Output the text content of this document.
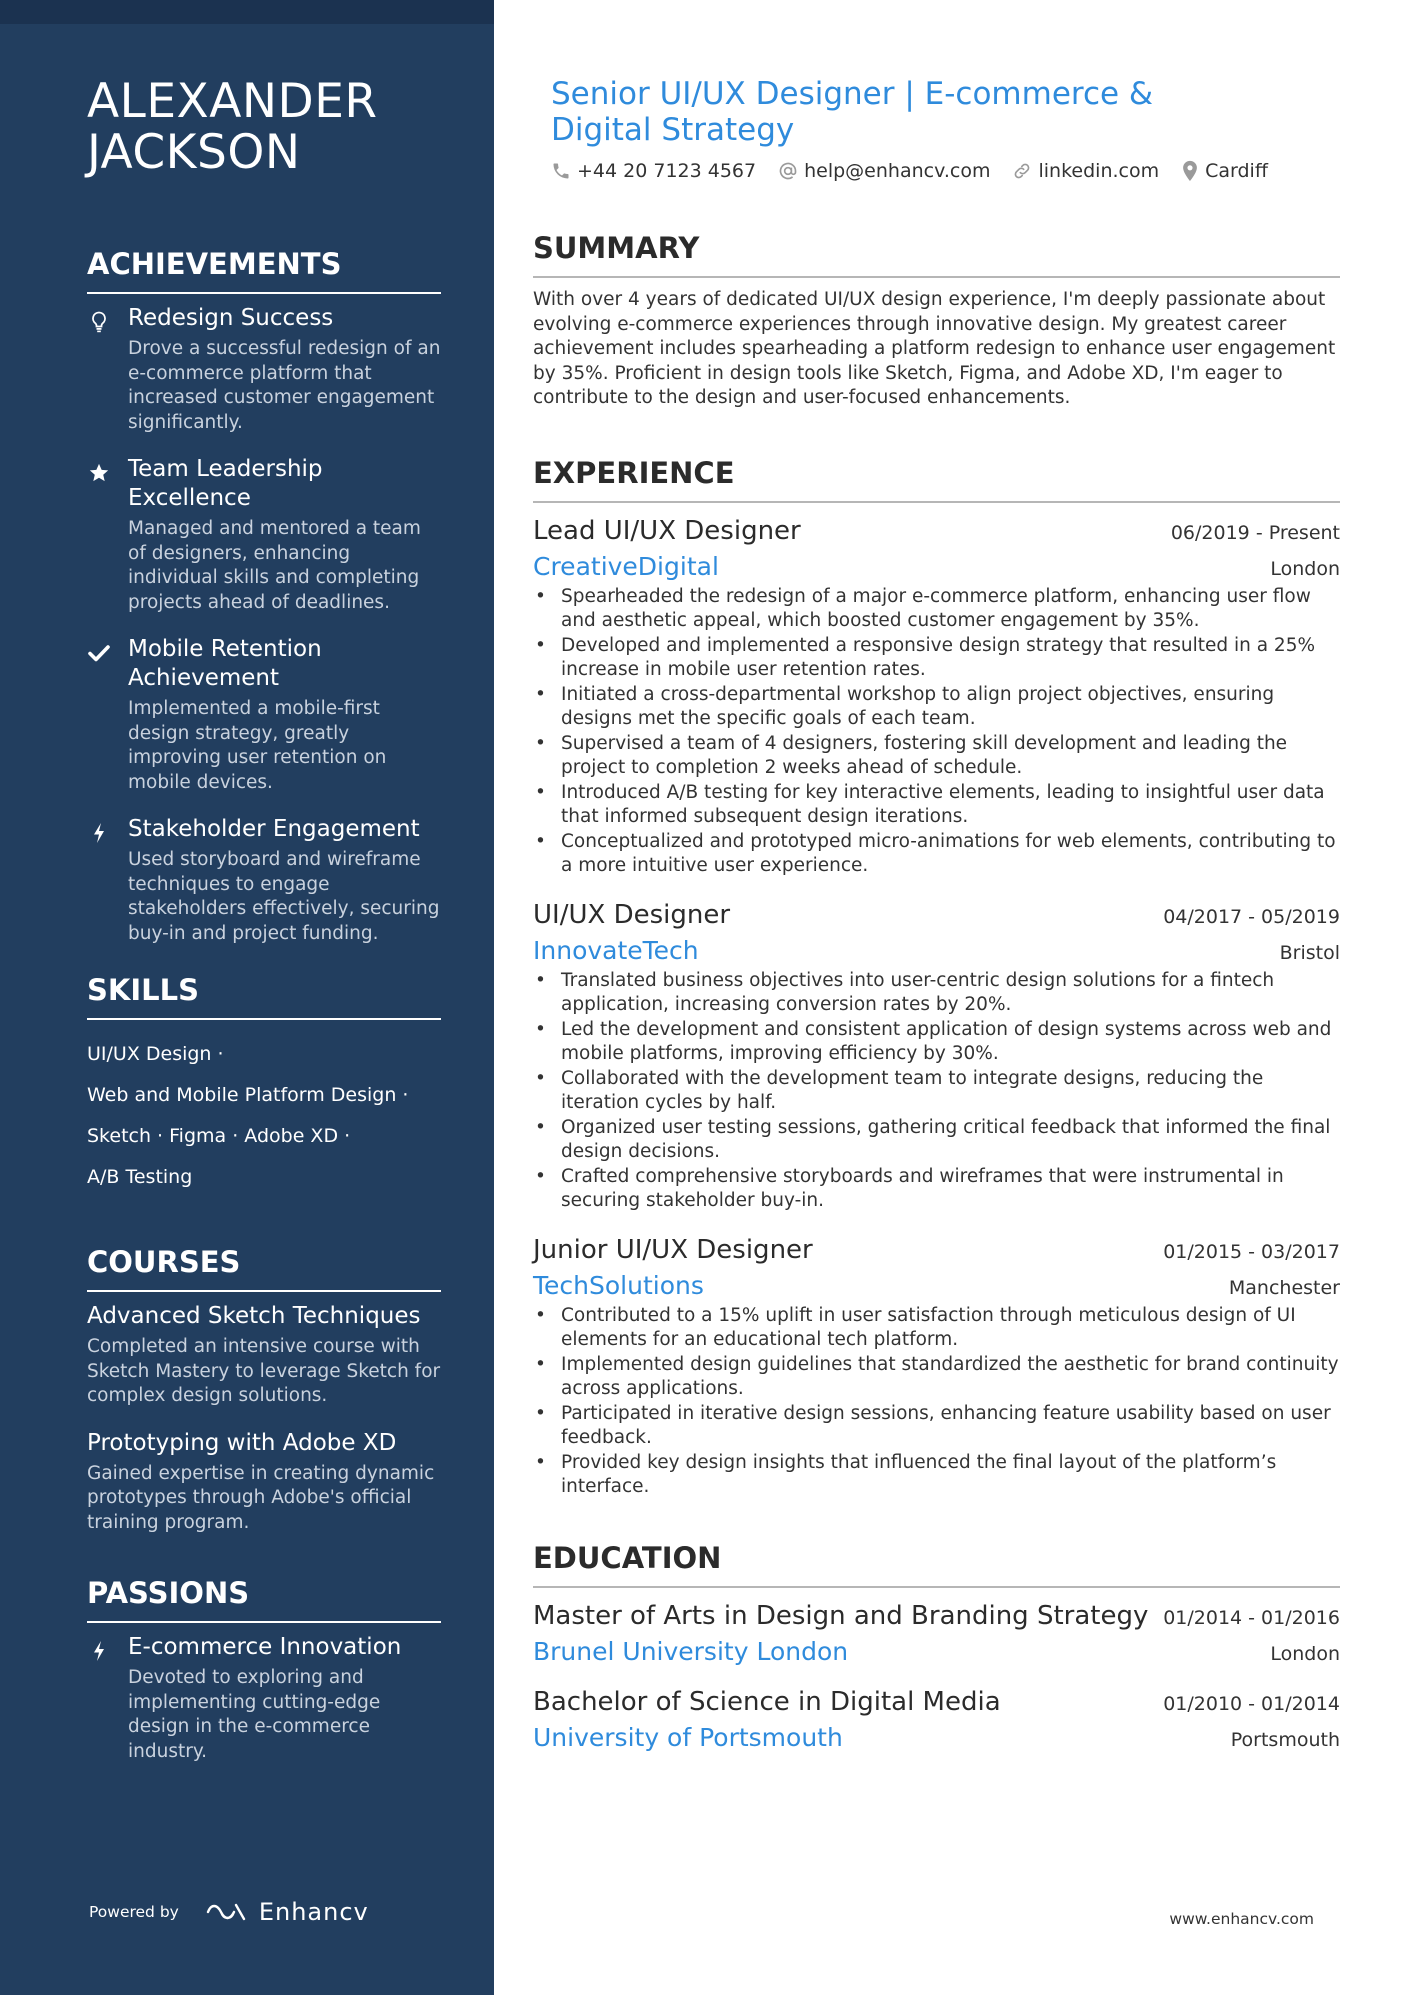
ALEXANDER
JACKSON
ACHIEVEMENTS
Redesign Success
Drove a successful redesign of an e-commerce platform that increased customer engagement significantly.
Team Leadership Excellence
Managed and mentored a team of designers, enhancing individual skills and completing projects ahead of deadlines.
Mobile Retention Achievement
Implemented a mobile-first design strategy, greatly improving user retention on mobile devices.
Stakeholder Engagement
Used storyboard and wireframe techniques to engage stakeholders effectively, securing buy-in and project funding.
SKILLS
UI/UX Design ·
Web and Mobile Platform Design ·
Sketch · Figma · Adobe XD ·
A/B Testing
COURSES
Advanced Sketch Techniques
Completed an intensive course with Sketch Mastery to leverage Sketch for complex design solutions.
Prototyping with Adobe XD
Gained expertise in creating dynamic prototypes through Adobe's official training program.
PASSIONS
E-commerce Innovation
Devoted to exploring and implementing cutting-edge design in the e-commerce industry.
Powered by	Enhancv
Senior UI/UX Designer | E-commerce & Digital Strategy
+44 20 7123 4567	help@enhancv.com	linkedin.com Cardiff
SUMMARY

With over 4 years of dedicated UI/UX design experience, I'm deeply passionate about evolving e-commerce experiences through innovative design. My greatest career achievement includes spearheading a platform redesign to enhance user engagement by 35%. Proficient in design tools like Sketch, Figma, and Adobe XD, I'm eager to contribute to the design and user-focused enhancements.

EXPERIENCE
Lead UI/UX Designer	06/2019 - Present
CreativeDigital	London
• Spearheaded the redesign of a major e-commerce platform, enhancing user flow and aesthetic appeal, which boosted customer engagement by 35%.
• Developed and implemented a responsive design strategy that resulted in a 25% increase in mobile user retention rates.
• Initiated a cross-departmental workshop to align project objectives, ensuring designs met the specific goals of each team.
• Supervised a team of 4 designers, fostering skill development and leading the project to completion 2 weeks ahead of schedule.
• Introduced A/B testing for key interactive elements, leading to insightful user data that informed subsequent design iterations.
• Conceptualized and prototyped micro-animations for web elements, contributing to a more intuitive user experience.
UI/UX Designer	04/2017 - 05/2019
InnovateTech	Bristol
• Translated business objectives into user-centric design solutions for a fintech application, increasing conversion rates by 20%.
• Led the development and consistent application of design systems across web and mobile platforms, improving efficiency by 30%.
• Collaborated with the development team to integrate designs, reducing the iteration cycles by half.
• Organized user testing sessions, gathering critical feedback that informed the final design decisions.
• Crafted comprehensive storyboards and wireframes that were instrumental in securing stakeholder buy-in.
Junior UI/UX Designer	01/2015 - 03/2017
TechSolutions	Manchester
• Contributed to a 15% uplift in user satisfaction through meticulous design of UI elements for an educational tech platform.
• Implemented design guidelines that standardized the aesthetic for brand continuity across applications.
• Participated in iterative design sessions, enhancing feature usability based on user feedback.
• Provided key design insights that influenced the final layout of the platform’s interface.
EDUCATION
Master of Arts in Design and Branding Strategy 01/2014 - 01/2016
Brunel University London	London
Bachelor of Science in Digital Media	01/2010 - 01/2014
University of Portsmouth	Portsmouth
www.enhancv.com
